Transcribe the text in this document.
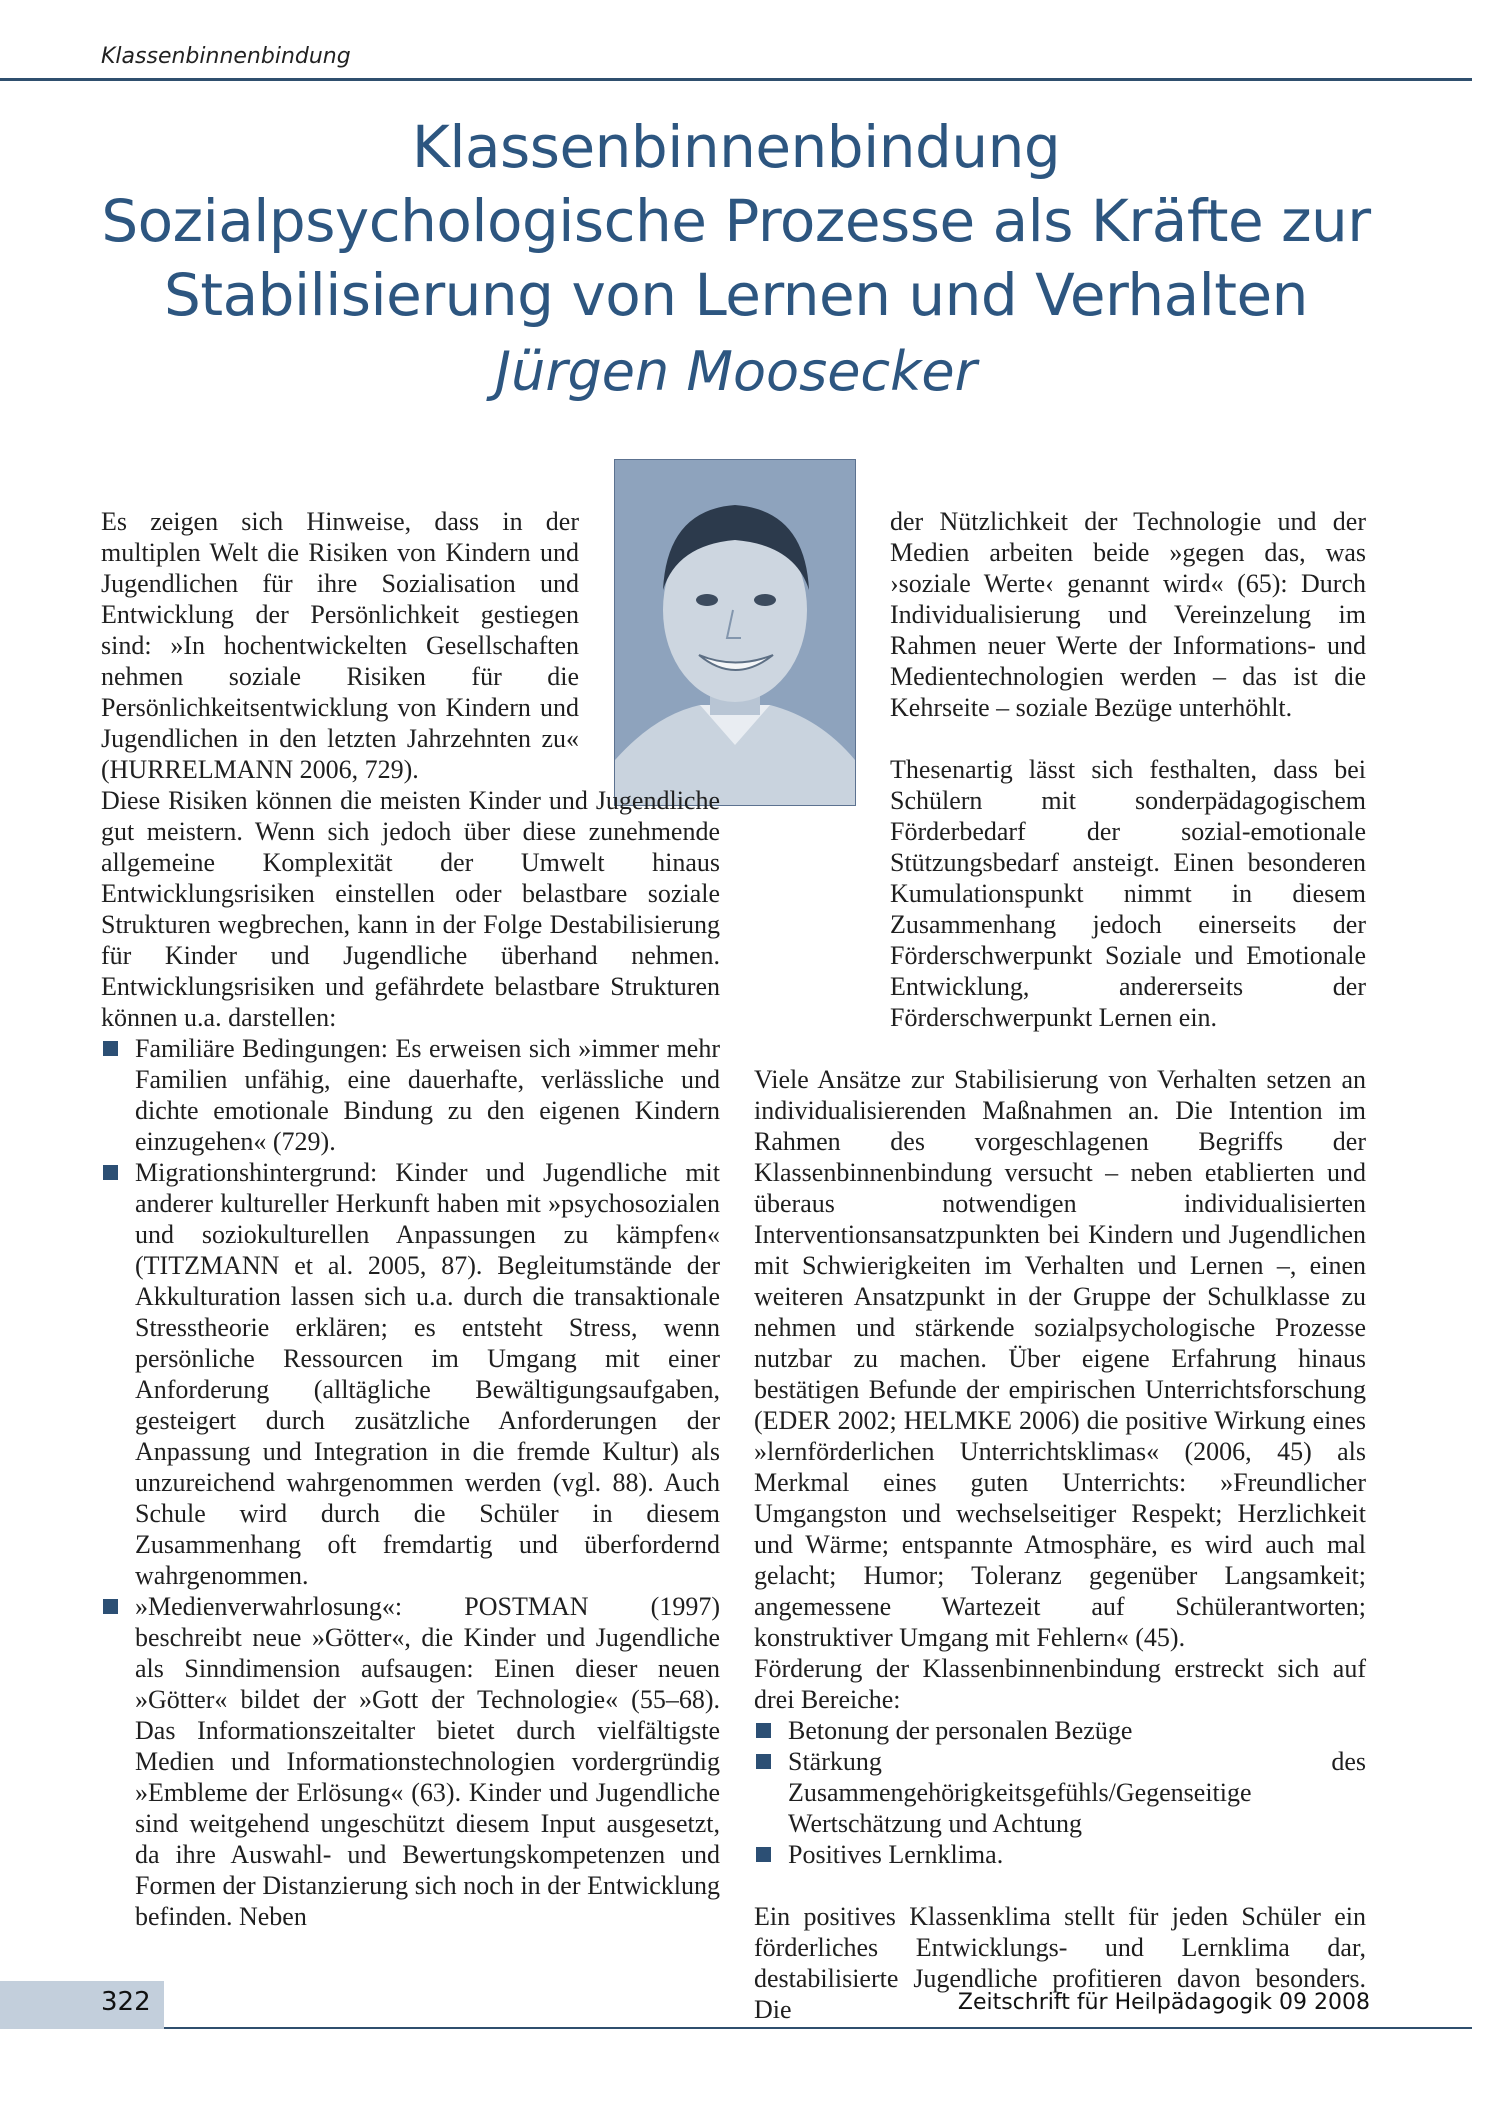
Klassenbinnenbindung
Klassenbinnenbindung
Sozialpsychologische Prozesse als Kräfte zur
Stabilisierung von Lernen und Verhalten
Jürgen Moosecker

Es zeigen sich Hinweise, dass in der multiplen Welt die Risiken von Kindern und Jugendlichen für ihre Sozialisation und Entwicklung der Persönlichkeit gestiegen sind: »In hochentwickelten Gesellschaften nehmen soziale Risiken für die Persönlichkeitsentwicklung von Kindern und Jugendlichen in den letzten Jahrzehnten zu« (HURRELMANN 2006, 729).

Diese Risiken können die meisten Kinder und Jugendliche gut meistern. Wenn sich jedoch über diese zunehmende allgemeine Komplexität der Umwelt hinaus Entwicklungsrisiken einstellen oder belastbare soziale Strukturen wegbrechen, kann in der Folge Destabilisierung für Kinder und Jugendliche überhand nehmen. Entwicklungsrisiken und gefährdete belastbare Strukturen können u.a. darstellen:

Familiäre Bedingungen: Es erweisen sich »immer mehr Familien unfähig, eine dauerhafte, verlässliche und dichte emotionale Bindung zu den eigenen Kindern einzugehen« (729).
Migrationshintergrund: Kinder und Jugendliche mit anderer kultureller Herkunft haben mit »psychosozialen und soziokulturellen Anpassungen zu kämpfen« (TITZMANN et al. 2005, 87). Begleitumstände der Akkulturation lassen sich u.a. durch die transaktionale Stresstheorie erklären; es entsteht Stress, wenn persönliche Ressourcen im Umgang mit einer Anforderung (alltägliche Bewältigungsaufgaben, gesteigert durch zusätzliche Anforderungen der Anpassung und Integration in die fremde Kultur) als unzureichend wahrgenommen werden (vgl. 88). Auch Schule wird durch die Schüler in diesem Zusammenhang oft fremdartig und überfordernd wahrgenommen.
»Medienverwahrlosung«: POSTMAN (1997) beschreibt neue »Götter«, die Kinder und Jugendliche als Sinndimension aufsaugen: Einen dieser neuen »Götter« bildet der »Gott der Technologie« (55–68). Das Informationszeitalter bietet durch vielfältigste Medien und Informationstechnologien vordergründig »Embleme der Erlösung« (63). Kinder und Jugendliche sind weitgehend ungeschützt diesem Input ausgesetzt, da ihre Auswahl- und Bewertungskompetenzen und Formen der Distanzierung sich noch in der Entwicklung befinden. Neben

der Nützlichkeit der Technologie und der Medien arbeiten beide »gegen das, was ›soziale Werte‹ genannt wird« (65): Durch Individualisierung und Vereinzelung im Rahmen neuer Werte der Informations- und Medientechnologien werden – das ist die Kehrseite – soziale Bezüge unterhöhlt.

Thesenartig lässt sich festhalten, dass bei Schülern mit sonderpädagogischem Förderbedarf der sozial-emotionale Stützungsbedarf ansteigt. Einen besonderen Kumulationspunkt nimmt in diesem Zusammenhang jedoch einerseits der Förderschwerpunkt Soziale und Emotionale Entwicklung, andererseits der Förderschwerpunkt Lernen ein.

Viele Ansätze zur Stabilisierung von Verhalten setzen an individualisierenden Maßnahmen an. Die Intention im Rahmen des vorgeschlagenen Begriffs der Klassenbinnenbindung versucht – neben etablierten und überaus notwendigen individualisierten Interventionsansatzpunkten bei Kindern und Jugendlichen mit Schwierigkeiten im Verhalten und Lernen –, einen weiteren Ansatzpunkt in der Gruppe der Schulklasse zu nehmen und stärkende sozialpsychologische Prozesse nutzbar zu machen. Über eigene Erfahrung hinaus bestätigen Befunde der empirischen Unterrichtsforschung (EDER 2002; HELMKE 2006) die positive Wirkung eines »lernförderlichen Unterrichtsklimas« (2006, 45) als Merkmal eines guten Unterrichts: »Freundlicher Umgangston und wechselseitiger Respekt; Herzlichkeit und Wärme; entspannte Atmosphäre, es wird auch mal gelacht; Humor; Toleranz gegenüber Langsamkeit; angemessene Wartezeit auf Schülerantworten; konstruktiver Umgang mit Fehlern« (45).

Förderung der Klassenbinnenbindung erstreckt sich auf drei Bereiche:

Betonung der personalen Bezüge
Stärkung des Zusammengehörigkeitsgefühls/Gegenseitige Wertschätzung und Achtung
Positives Lernklima.

Ein positives Klassenklima stellt für jeden Schüler ein förderliches Entwicklungs- und Lernklima dar, destabilisierte Jugendliche profitieren davon besonders. Die

322	Zeitschrift für Heilpädagogik 09 2008
